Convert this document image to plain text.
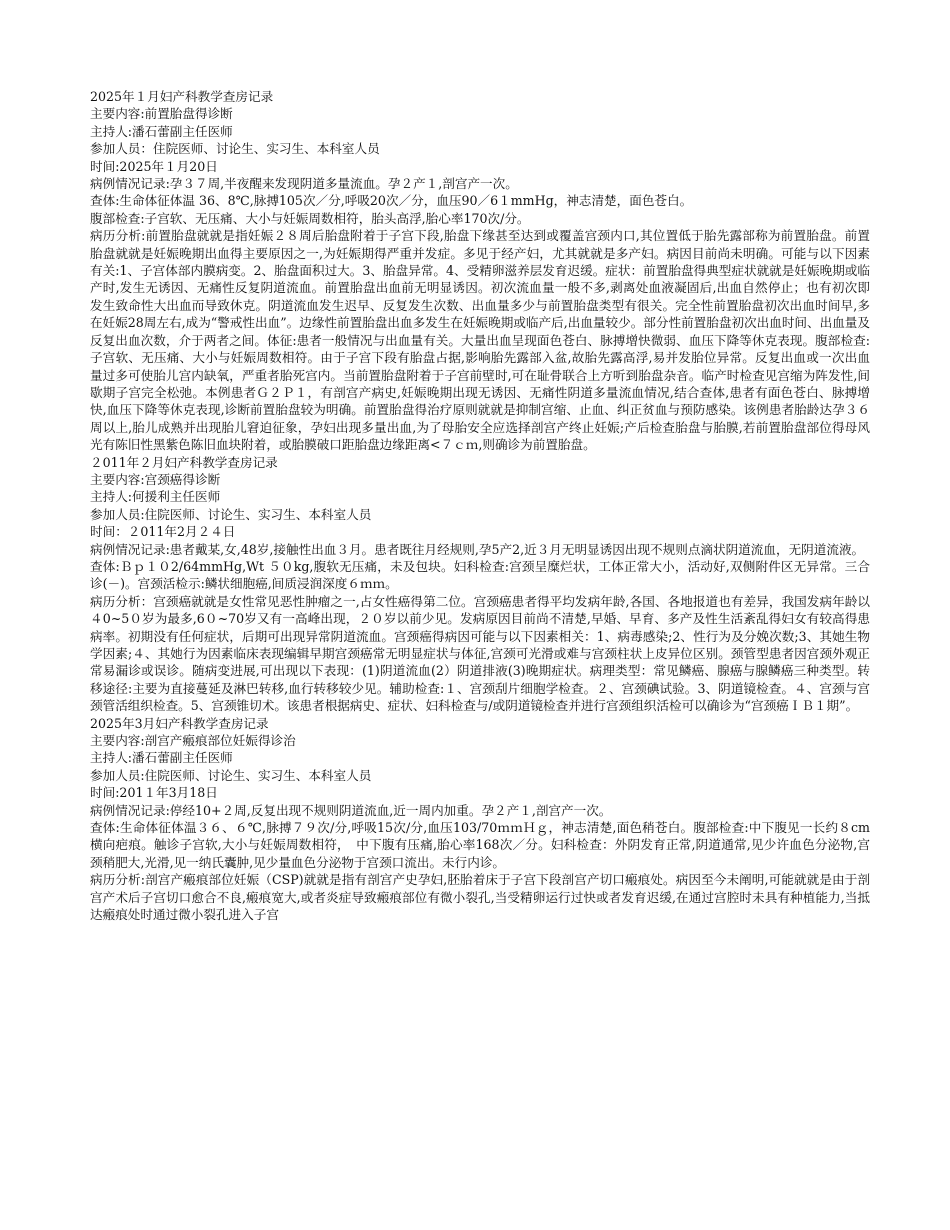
2025年１月妇产科教学查房记录

主要内容:前置胎盘得诊断

主持人:潘石蕾副主任医师

参加人员：住院医师、讨论生、实习生、本科室人员

时间:2025年１月20日

病例情况记录:孕３７周,半夜醒来发现阴道多量流血。孕２产１,剖宫产一次。

查体:生命体征体温 36、8℃,脉搏105次／分,呼吸20次／分，血压90／6１mmHg，神志清楚，面色苍白。

腹部检查:子宫软、无压痛、大小与妊娠周数相符，胎头高浮,胎心率170次/分。

病历分析:前置胎盘就就是指妊娠２８周后胎盘附着于子宫下段,胎盘下缘甚至达到或覆盖宫颈内口,其位置低于胎先露部称为前置胎盘。前置胎盘就就是妊娠晚期出血得主要原因之一,为妊娠期得严重并发症。多见于经产妇，尤其就就是多产妇。病因目前尚未明确。可能与以下因素有关:1、子宫体部内膜病变。2、胎盘面积过大。3、胎盘异常。4、受精卵滋养层发育迟缓。症状：前置胎盘得典型症状就就是妊娠晚期或临产时,发生无诱因、无痛性反复阴道流血。前置胎盘出血前无明显诱因。初次流血量一般不多,剥离处血液凝固后,出血自然停止；也有初次即发生致命性大出血而导致休克。阴道流血发生迟早、反复发生次数、出血量多少与前置胎盘类型有很关。完全性前置胎盘初次出血时间早,多在妊娠28周左右,成为“警戒性出血”。边缘性前置胎盘出血多发生在妊娠晚期或临产后,出血量较少。部分性前置胎盘初次出血时间、出血量及反复出血次数，介于两者之间。体征:患者一般情况与出血量有关。大量出血呈现面色苍白、脉搏增快微弱、血压下降等休克表现。腹部检查:子宫软、无压痛、大小与妊娠周数相符。由于子宫下段有胎盘占据,影响胎先露部入盆,故胎先露高浮,易并发胎位异常。反复出血或一次出血量过多可使胎儿宫内缺氧，严重者胎死宫内。当前置胎盘附着于子宫前壁时,可在耻骨联合上方听到胎盘杂音。临产时检查见宫缩为阵发性,间歇期子宫完全松弛。本例患者Ｇ２Ｐ１，有剖宫产病史,妊娠晚期出现无诱因、无痛性阴道多量流血情况,结合查体,患者有面色苍白、脉搏增快,血压下降等休克表现,诊断前置胎盘较为明确。前置胎盘得治疗原则就就是抑制宫缩、止血、纠正贫血与预防感染。该例患者胎龄达孕３６周以上,胎儿成熟并出现胎儿窘迫征象，孕妇出现多量出血,为了母胎安全应选择剖宫产终止妊娠;产后检查胎盘与胎膜,若前置胎盘部位得母风光有陈旧性黑紫色陈旧血块附着，或胎膜破口距胎盘边缘距离<７ｃｍ,则确诊为前置胎盘。

２011年２月妇产科教学查房记录

主要内容:宫颈癌得诊断

主持人:何援利主任医师

参加人员:住院医师、讨论生、实习生、本科室人员

时间：２011年2月２４日

病例情况记录:患者戴某,女,48岁,接触性出血３月。患者既往月经规则,孕5产2,近３月无明显诱因出现不规则点滴状阴道流血，无阴道流液。

查体:Ｂｐ１０2/64mmHg,Wt ５０kg,腹软无压痛，未及包块。妇科检查:宫颈呈糜烂状，工体正常大小，活动好,双侧附件区无异常。三合诊(－)。宫颈活检示:鳞状细胞癌,间质浸润深度６ｍｍ。

病历分析：宫颈癌就就是女性常见恶性肿瘤之一,占女性癌得第二位。宫颈癌患者得平均发病年龄,各国、各地报道也有差异，我国发病年龄以４0~5０岁为最多,6０~70岁又有一高峰出现，２０岁以前少见。发病原因目前尚不清楚,早婚、早育、多产及性生活紊乱得妇女有较高得患病率。初期没有任何症状，后期可出现异常阴道流血。宫颈癌得病因可能与以下因素相关：1、病毒感染;2、性行为及分娩次数;3、其她生物学因素;４、其她行为因素临床表现编辑早期宫颈癌常无明显症状与体征,宫颈可光滑或难与宫颈柱状上皮异位区别。颈管型患者因宫颈外观正常易漏诊或误诊。随病变进展,可出现以下表现：(1)阴道流血(2）阴道排液(3)晚期症状。病理类型：常见鳞癌、腺癌与腺鳞癌三种类型。转移途径:主要为直接蔓延及淋巴转移,血行转移较少见。辅助检查:１、宫颈刮片细胞学检查。２、宫颈碘试验。3、阴道镜检查。４、宫颈与宫颈管活组织检查。5、宫颈锥切术。该患者根据病史、症状、妇科检查与/或阴道镜检查并进行宫颈组织活检可以确诊为“宫颈癌ＩＢ１期”。

2025年3月妇产科教学查房记录

主要内容:剖宫产瘢痕部位妊娠得诊治

主持人:潘石蕾副主任医师

参加人员:住院医师、讨论生、实习生、本科室人员

时间:201１年3月18日

病例情况记录:停经10+２周,反复出现不规则阴道流血,近一周内加重。孕２产１,剖宫产一次。

查体:生命体征体温３６、６℃,脉搏７９次/分,呼吸15次/分,血压103/70ｍｍＨｇ，神志清楚,面色稍苍白。腹部检查:中下腹见一长约８cm横向疤痕。触诊子宫软,大小与妊娠周数相符，　中下腹有压痛,胎心率168次／分。妇科检查：外阴发育正常,阴道通常,见少许血色分泌物,宫颈稍肥大,光滑,见一纳氏囊肿,见少量血色分泌物于宫颈口流出。未行内诊。

病历分析:剖宫产瘢痕部位妊娠（CSP)就就是指有剖宫产史孕妇,胚胎着床于子宫下段剖宫产切口瘢痕处。病因至今未阐明,可能就就是由于剖宫产术后子宫切口愈合不良,瘢痕宽大,或者炎症导致瘢痕部位有微小裂孔,当受精卵运行过快或者发育迟缓,在通过宫腔时未具有种植能力,当抵达瘢痕处时通过微小裂孔进入子宫
